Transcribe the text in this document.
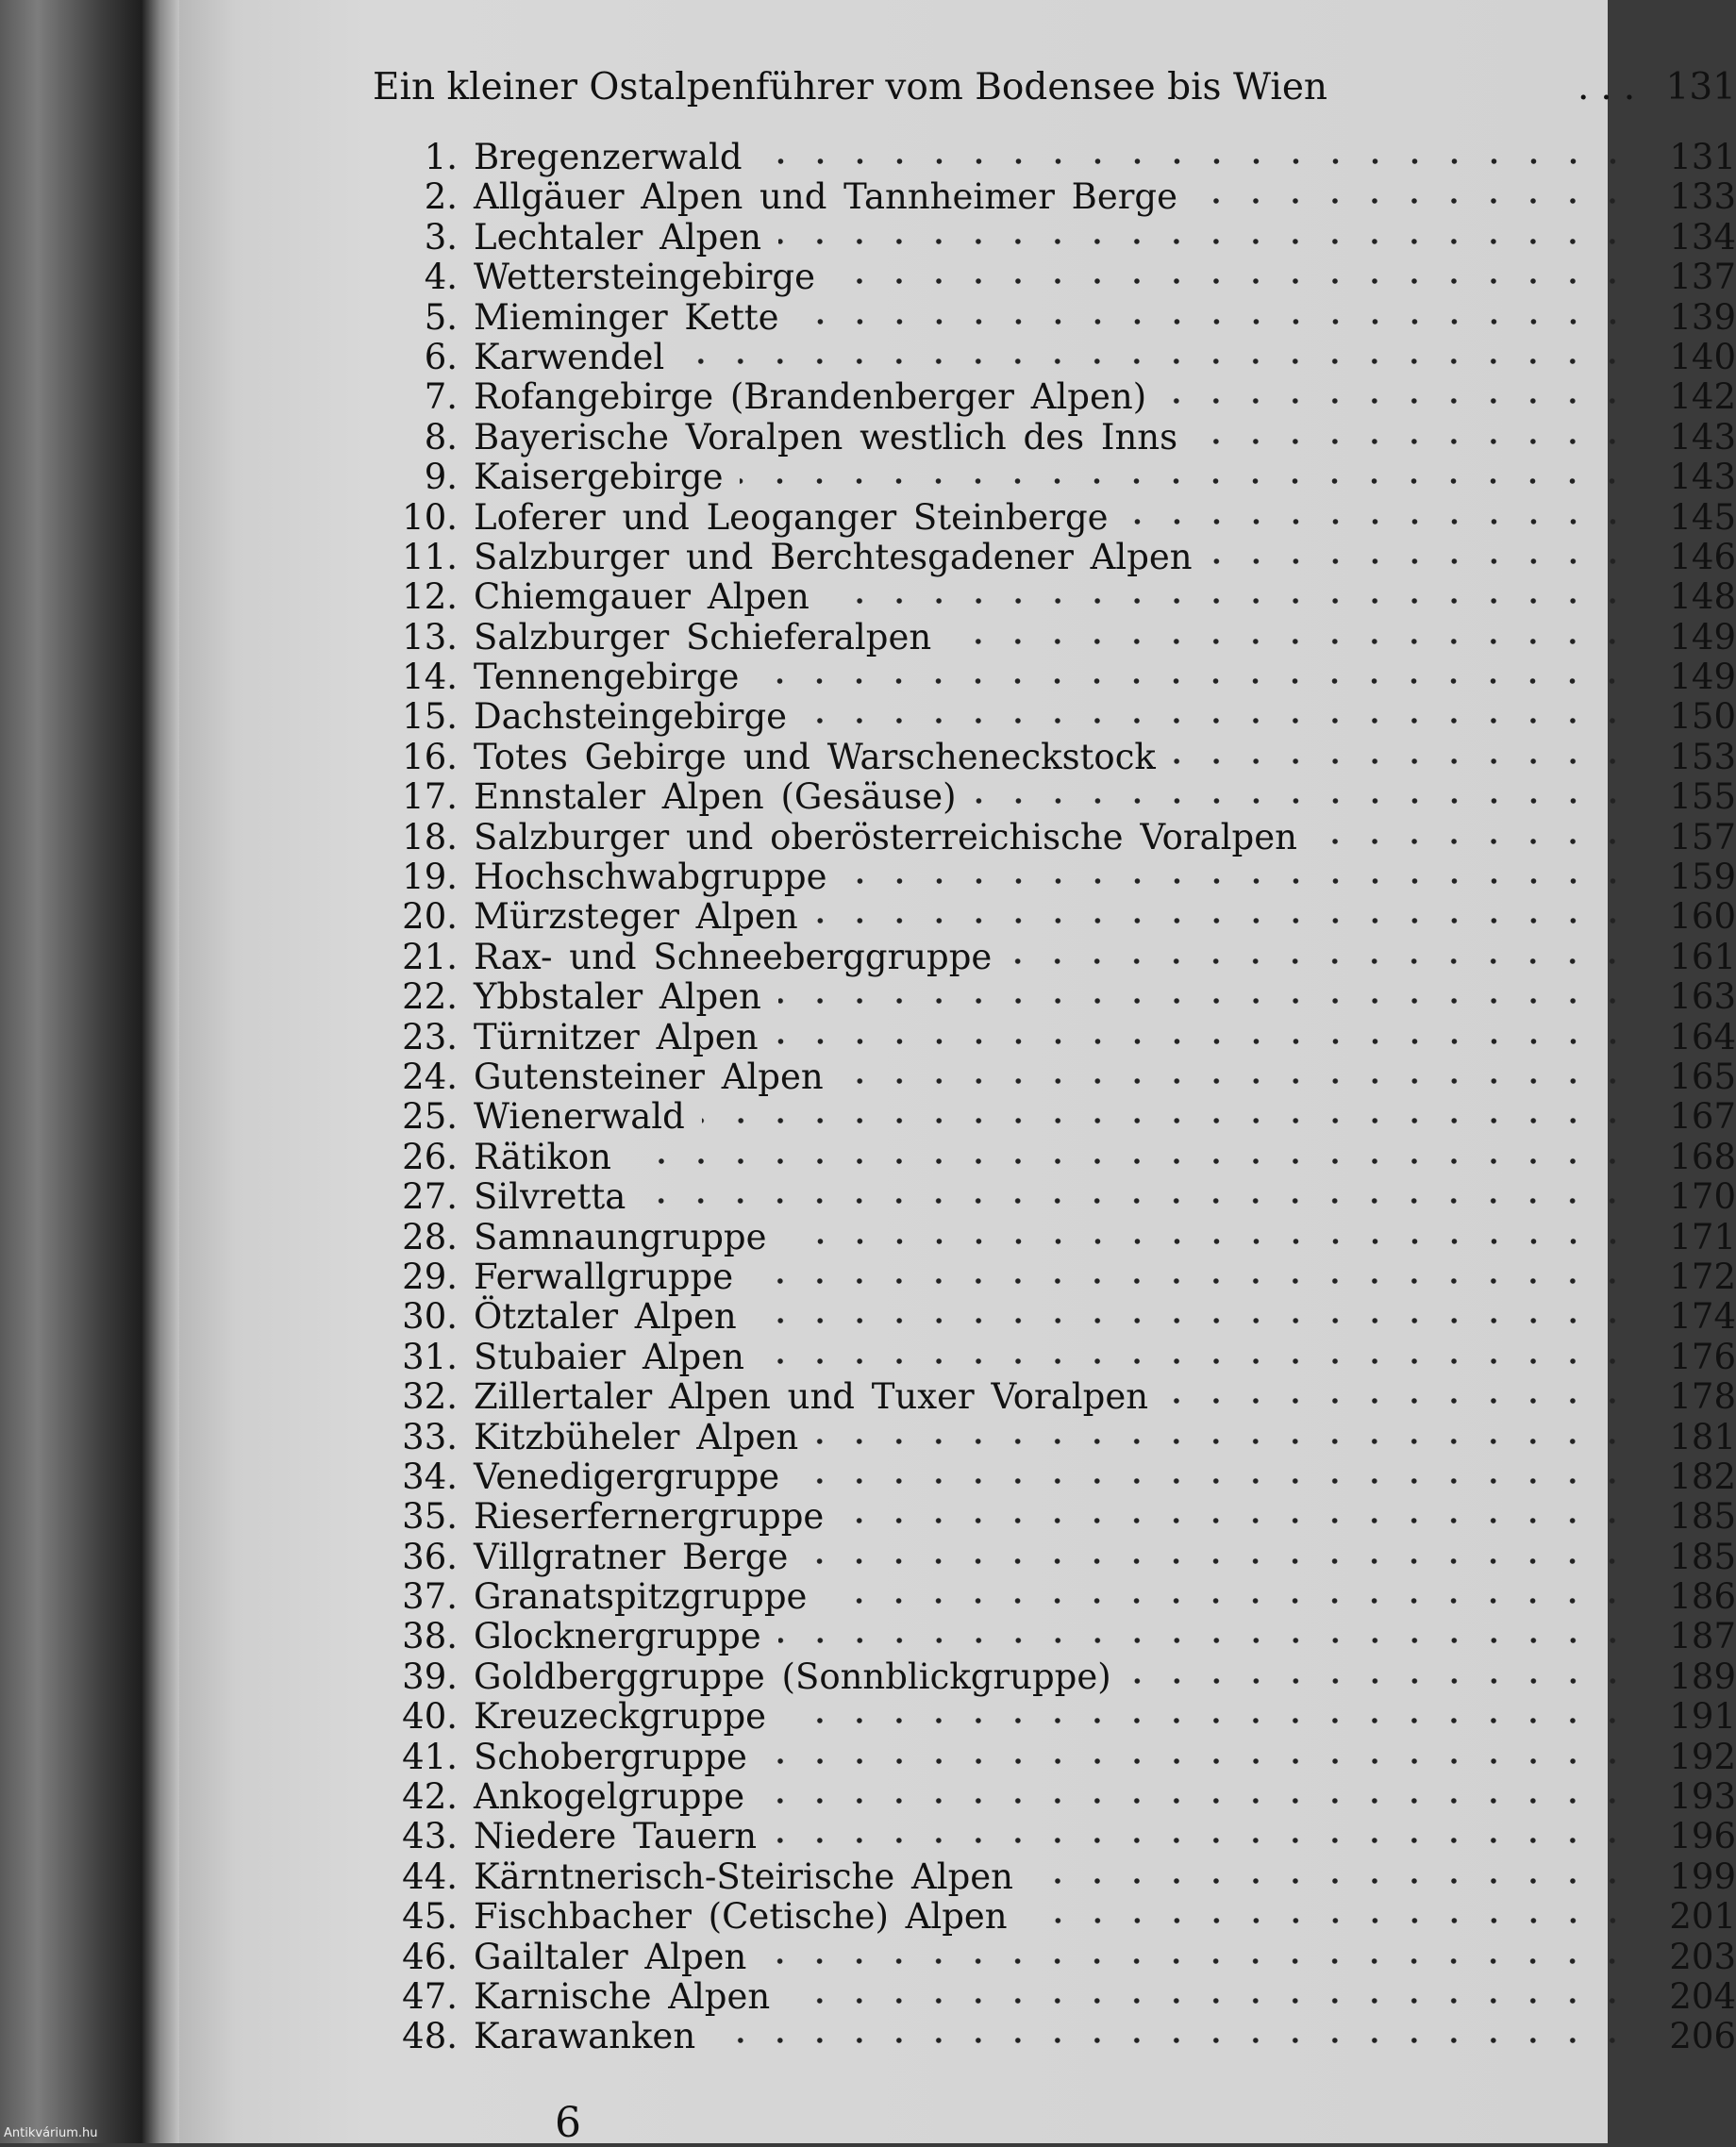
Ein kleiner Ostalpenführer vom Bodensee bis Wien	... 131
1. Bregenzerwald	131
2. Allgäuer Alpen und Tannheimer Berge	133
3. Lechtaler Alpen	134
4. Wettersteingebirge	137
5. Mieminger Kette	139
6. Karwendel	140
7. Rofangebirge (Brandenberger Alpen)	142
8. Bayerische Voralpen westlich des Inns	143
9. Kaisergebirge	143
10. Loferer und Leoganger Steinberge	145
11. Salzburger und Berchtesgadener Alpen	146
12. Chiemgauer Alpen	148
13. Salzburger Schieferalpen	149
14. Tennengebirge	149
15. Dachsteingebirge	150
16. Totes Gebirge und Warscheneckstock	153
17. Ennstaler Alpen (Gesäuse)	155
18. Salzburger und oberösterreichische Voralpen	157
19. Hochschwabgruppe	159
20. Mürzsteger Alpen	160
21. Rax- und Schneeberggruppe	161
22. Ybbstaler Alpen	163
23. Türnitzer Alpen	164
24. Gutensteiner Alpen	165
25. Wienerwald	167
26. Rätikon	168
27. Silvretta	170
28. Samnaungruppe	171
29. Ferwallgruppe	172
30. Ötztaler Alpen	174
31. Stubaier Alpen	176
32. Zillertaler Alpen und Tuxer Voralpen	178
33. Kitzbüheler Alpen	181
34. Venedigergruppe	182
35. Rieserfernergruppe	185
36. Villgratner Berge	185
37. Granatspitzgruppe	186
38. Glocknergruppe	187
39. Goldberggruppe (Sonnblickgruppe)	189
40. Kreuzeckgruppe	191
41. Schobergruppe	192
42. Ankogelgruppe	193
43. Niedere Tauern	196
44. Kärntnerisch-Steirische Alpen	199
45. Fischbacher (Cetische) Alpen	201
46. Gailtaler Alpen	203
47. Karnische Alpen	204
48. Karawanken	206
6
Antikvárium.hu
